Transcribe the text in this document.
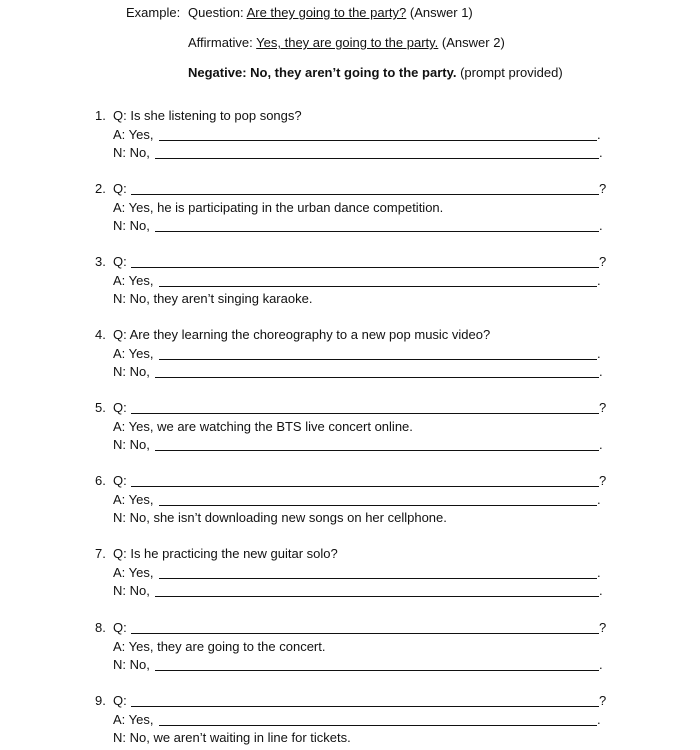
Example: Question: Are they going to the party? (Answer 1)
Affirmative: Yes, they are going to the party. (Answer 2)
Negative: No, they aren’t going to the party. (prompt provided)
1. Q: Is she listening to pop songs?
A: Yes,	.
N: No,	.
2. Q:	?
A: Yes, he is participating in the urban dance competition.
N: No,	.
3. Q:	?
A: Yes,	.
N: No, they aren’t singing karaoke.
4. Q: Are they learning the choreography to a new pop music video?
A: Yes,	.
N: No,	.
5. Q:	?
A: Yes, we are watching the BTS live concert online.
N: No,	.
6. Q:	?
A: Yes,	.
N: No, she isn’t downloading new songs on her cellphone.
7. Q: Is he practicing the new guitar solo?
A: Yes,	.
N: No,	.
8. Q:	?
A: Yes, they are going to the concert.
N: No,	.
9. Q:	?
A: Yes,	.
N: No, we aren’t waiting in line for tickets.
